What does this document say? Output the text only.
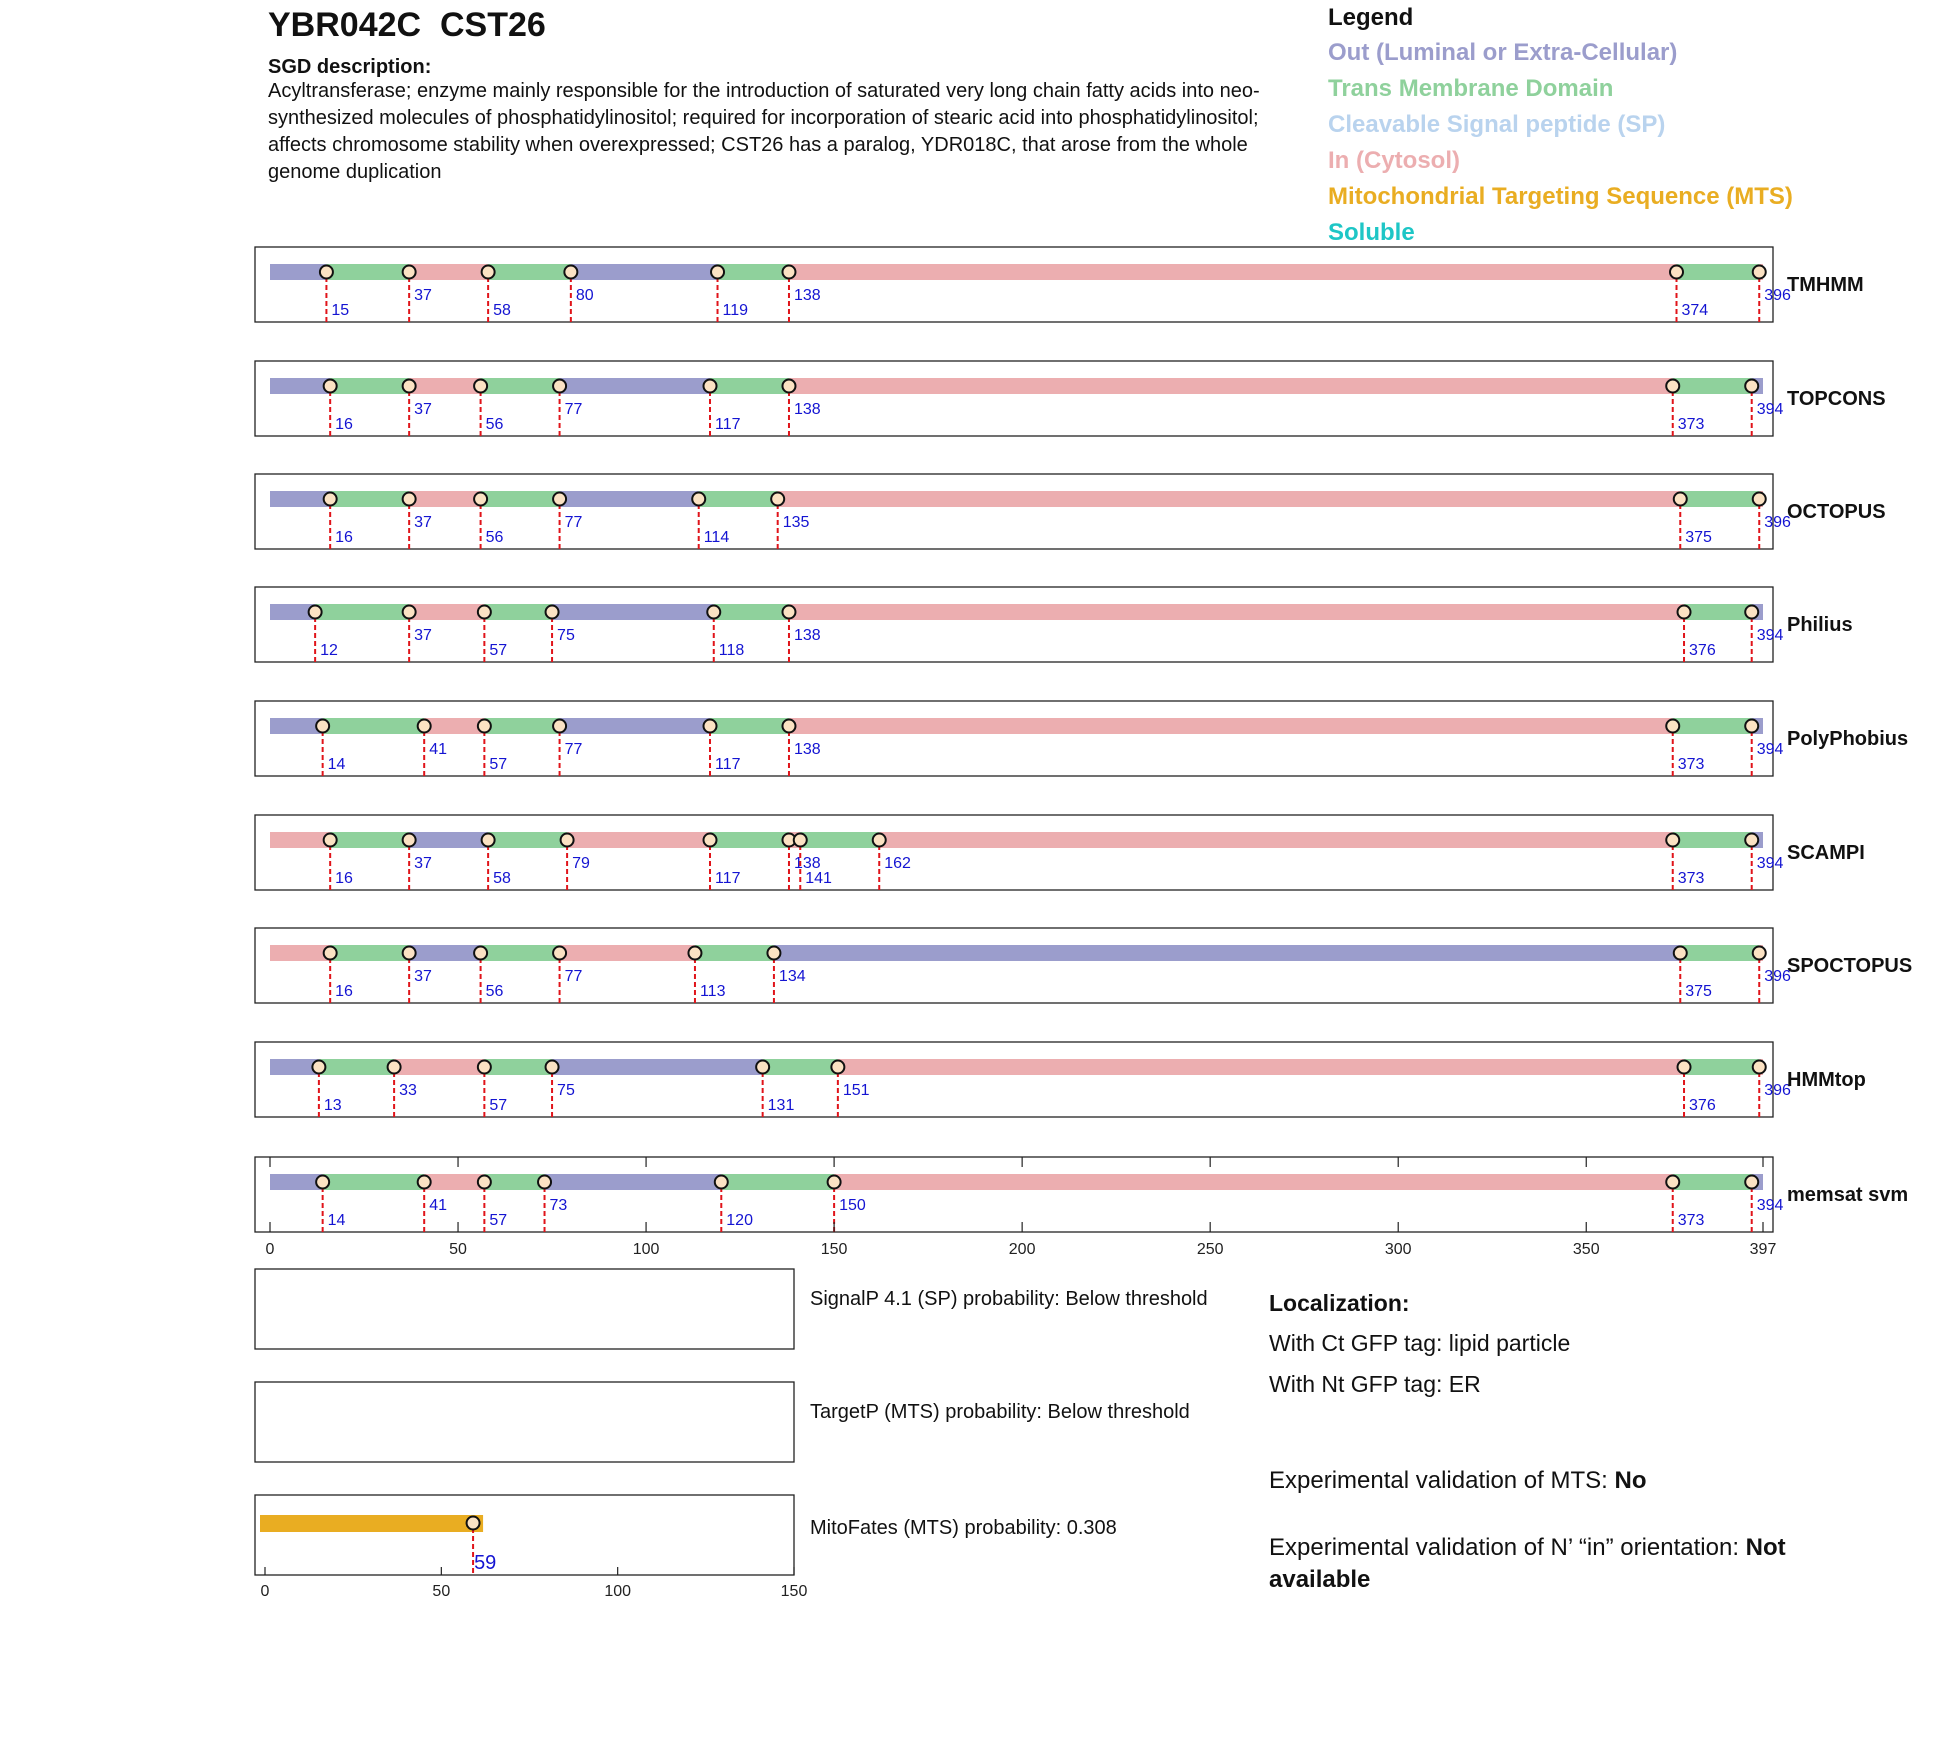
YBR042C  CST26
SGD description:
Acyltransferase; enzyme mainly responsible for the introduction of saturated very long chain fatty acids into neo-synthesized molecules of phosphatidylinositol; required for incorporation of stearic acid into phosphatidylinositol; affects chromosome stability when overexpressed; CST26 has a paralog, YDR018C, that arose from the whole genome duplication
Legend
Out (Luminal or Extra-Cellular)
Trans Membrane Domain
Cleavable Signal peptide (SP)
In (Cytosol)
Mitochondrial Targeting Sequence (MTS)
Soluble
15
37
58
80
119
138
374
396
TMHMM
16
37
56
77
117
138
373
394 TOPCONS
16
37
56
77
114
135
375
396
OCTOPUS
12
37
57
75
118
138
376
394 Philius
14
41
57
77
117
138
373
394 PolyPhobius
16
37
58
79
117
138
141
162
373
394 SCAMPI
16
37
56
77
113
134
375
396
SPOCTOPUS
13
33
57
75
131
151
376
396
HMMtop
14
41
57
73
120
150
373
394 memsat svm
0	50	100	150	200	250	300	350	397
SignalP 4.1 (SP) probability: Below threshold
TargetP (MTS) probability: Below threshold
MitoFates (MTS) probability: 0.308
59
0	50	100	150
Localization:
With Ct GFP tag: lipid particle
With Nt GFP tag: ER
Experimental validation of MTS: No
Experimental validation of N’ “in” orientation: Not available
